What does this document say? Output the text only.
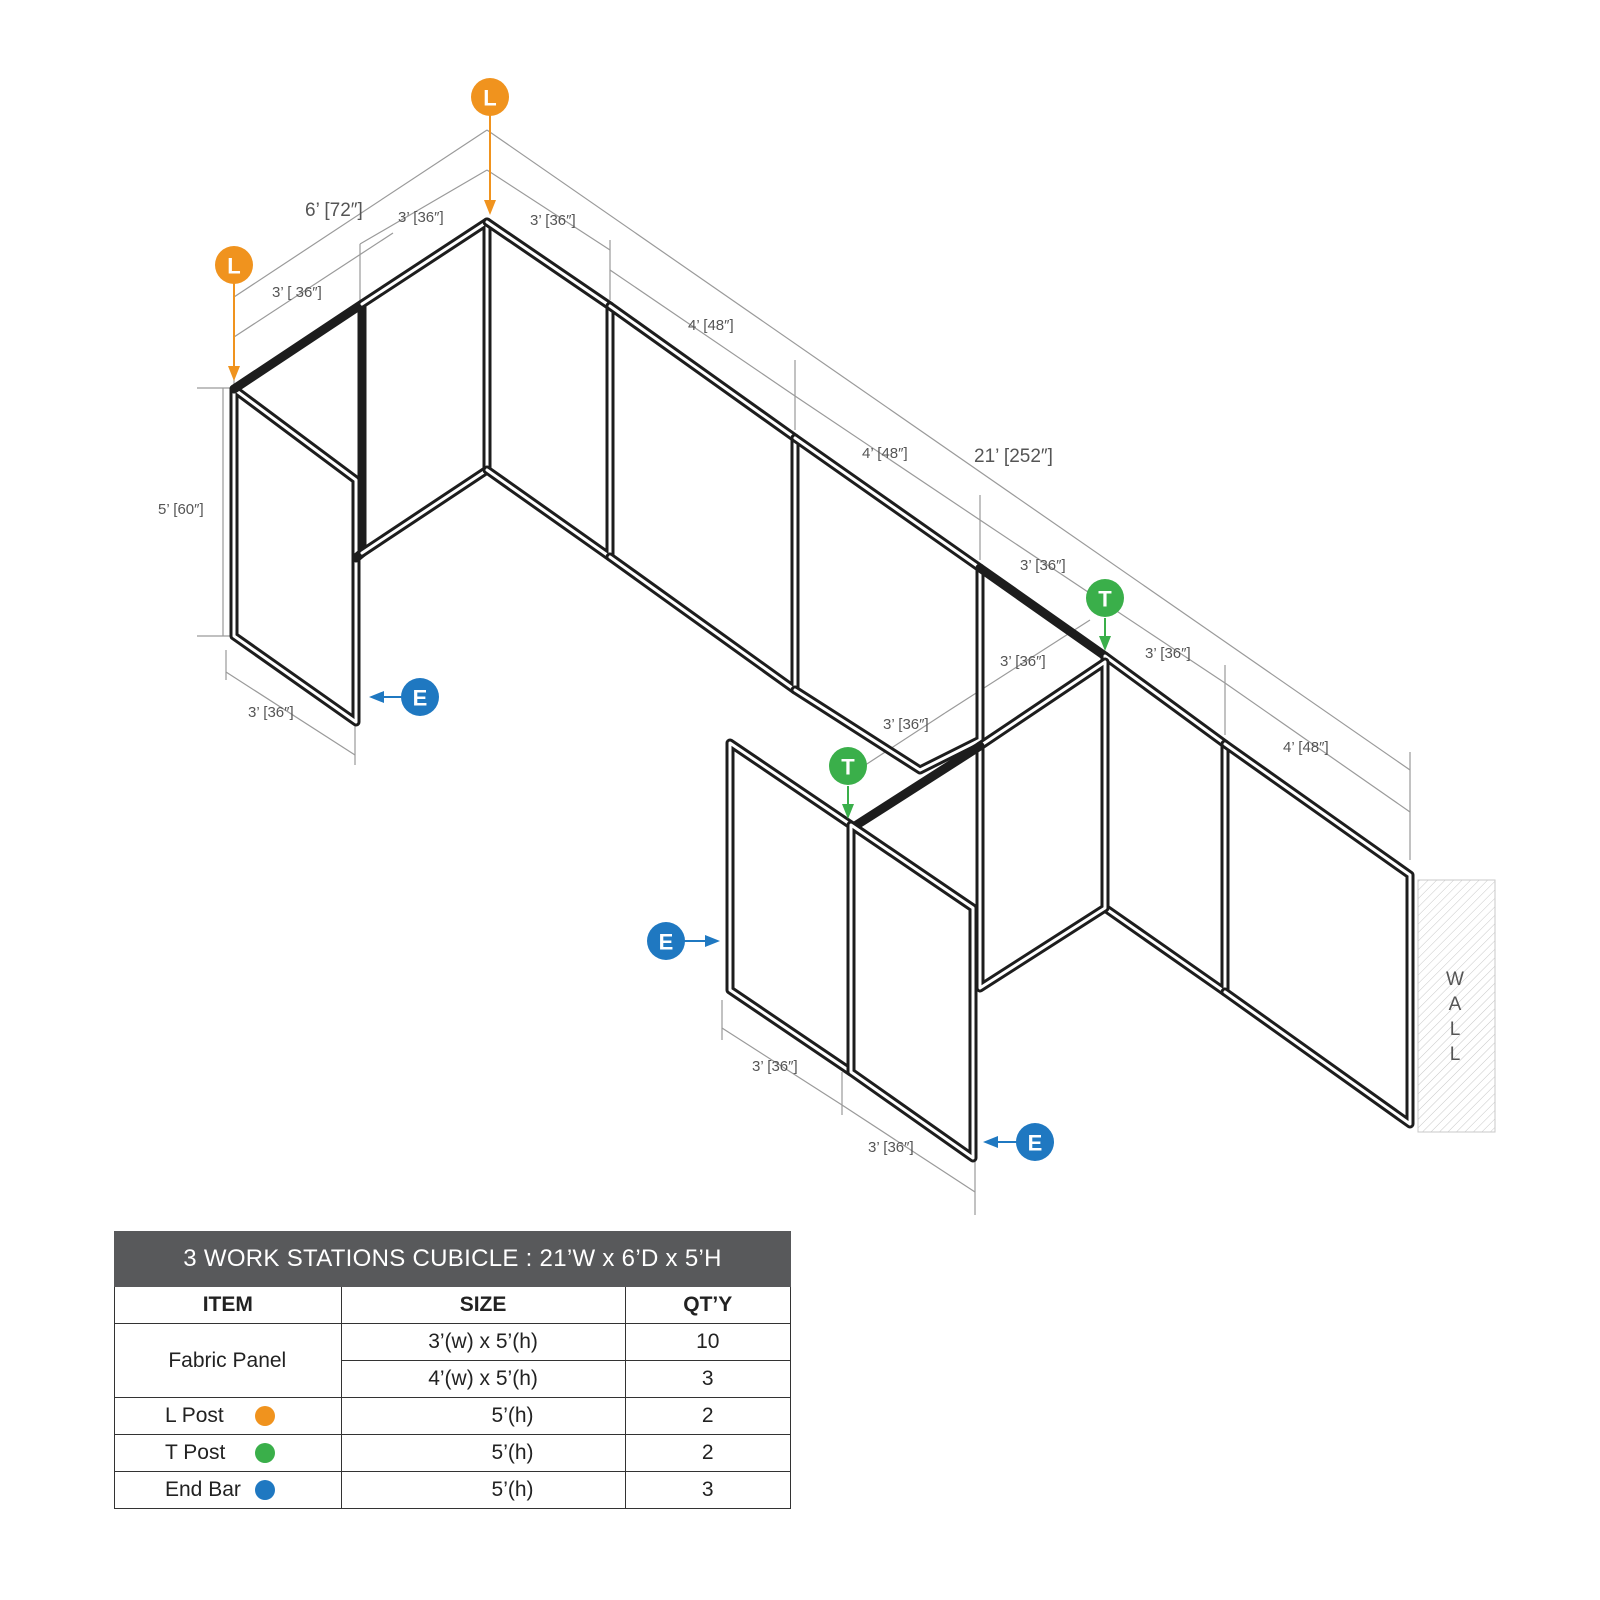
W
A
L
L
6’ [72″]
3’ [ 36″]
3’ [36″]	3’ [36″]
4’ [48″]
4’ [48″]	21’ [252″]
3’ [36″]
3’ [36″]
4’ [48″]
5’ [60″]
3’ [36″]
3’ [36″]
3’ [36″]
3’ [36″]
3’ [36″]
L
L
T
T
E
E
E
3 WORK STATIONS CUBICLE : 21’W x 6’D x 5’H		
ITEM	SIZE	QT’Y
Fabric Panel	3’(w) x 5’(h)	10
	4’(w) x 5’(h)	3

L Post	5’(h)	2

T Post	5’(h)	2

End Bar	5’(h)	3
